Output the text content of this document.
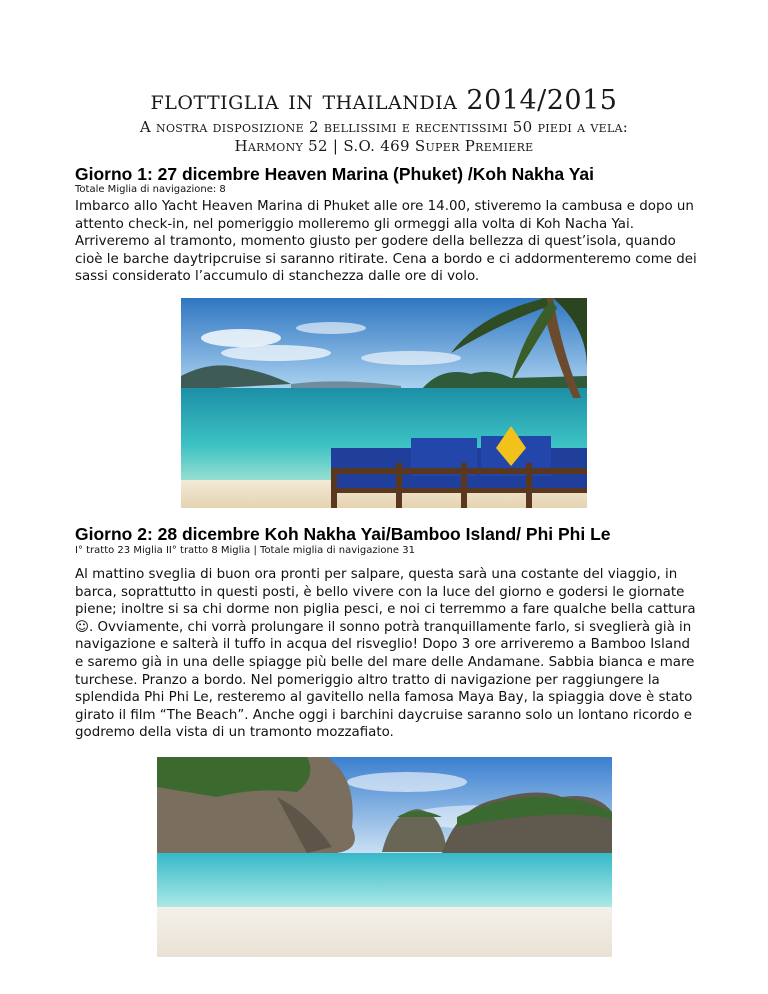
flottiglia in thailandia 2014/2015
A nostra disposizione 2 bellissimi e recentissimi 50 piedi a vela:
Harmony 52 | S.O. 469 Super Premiere
Giorno 1: 27 dicembre Heaven Marina (Phuket) /Koh Nakha Yai
Totale Miglia di navigazione: 8
Imbarco allo Yacht Heaven Marina di Phuket alle ore 14.00, stiveremo la cambusa e dopo un attento check-in, nel pomeriggio molleremo gli ormeggi alla volta di Koh Nacha Yai. Arriveremo al tramonto, momento giusto per godere della bellezza di quest’isola, quando cioè le barche daytripcruise si saranno ritirate. Cena a bordo e ci addormenteremo come dei sassi considerato l’accumulo di stanchezza dalle ore di volo.
Giorno 2: 28 dicembre Koh Nakha Yai/Bamboo Island/ Phi Phi Le
I° tratto 23 Miglia II° tratto 8 Miglia | Totale miglia di navigazione 31
Al mattino sveglia di buon ora pronti per salpare, questa sarà una costante del viaggio, in barca, soprattutto in questi posti, è bello vivere con la luce del giorno e godersi le giornate piene; inoltre si sa chi dorme non piglia pesci, e noi ci terremmo a fare qualche bella cattura ☺. Ovviamente, chi vorrà prolungare il sonno potrà tranquillamente farlo, si sveglierà già in navigazione e salterà il tuffo in acqua del risveglio! Dopo 3 ore arriveremo a Bamboo Island e saremo già in una delle spiagge più belle del mare delle Andamane. Sabbia bianca e mare turchese. Pranzo a bordo. Nel pomeriggio altro tratto di navigazione per raggiungere la splendida Phi Phi Le, resteremo al gavitello nella famosa Maya Bay, la spiaggia dove è stato girato il film “The Beach”. Anche oggi i barchini daycruise saranno solo un lontano ricordo e godremo della vista di un tramonto mozzafiato.
